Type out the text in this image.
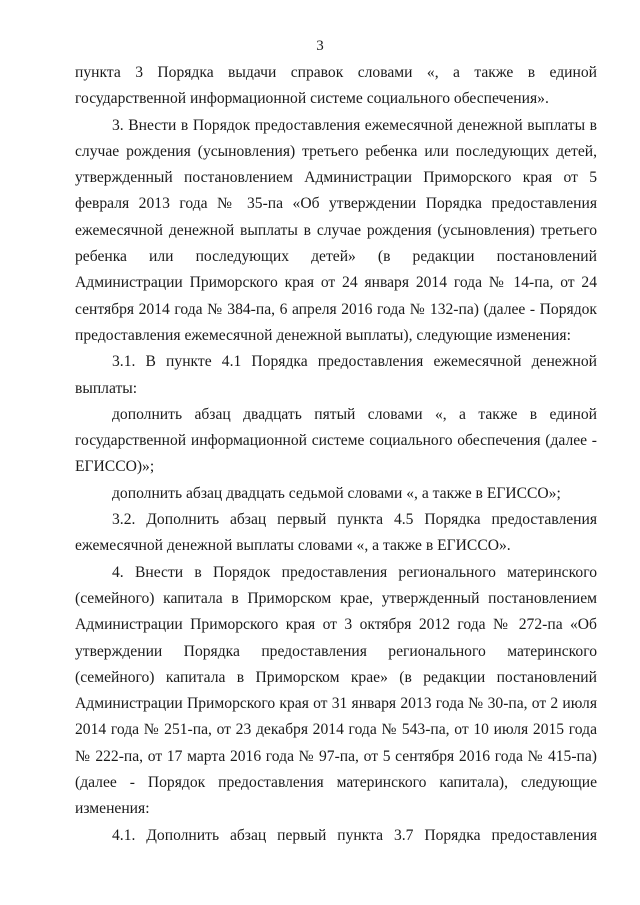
3

пункта 3 Порядка выдачи справок словами «, а также в единой государственной информационной системе социального обеспечения».

3. Внести в Порядок предоставления ежемесячной денежной выплаты в случае рождения (усыновления) третьего ребенка или последующих детей, утвержденный постановлением Администрации Приморского края от 5 февраля 2013 года № 35-па «Об утверждении Порядка предоставления ежемесячной денежной выплаты в случае рождения (усыновления) третьего ребенка или последующих детей» (в редакции постановлений Администрации Приморского края от 24 января 2014 года № 14-па, от 24 сентября 2014 года № 384-па, 6 апреля 2016 года № 132-па) (далее - Порядок предоставления ежемесячной денежной выплаты), следующие изменения:

3.1. В пункте 4.1 Порядка предоставления ежемесячной денежной выплаты:

дополнить абзац двадцать пятый словами «, а также в единой государственной информационной системе социального обеспечения (далее - ЕГИССО)»;

дополнить абзац двадцать седьмой словами «, а также в ЕГИССО»;

3.2. Дополнить абзац первый пункта 4.5 Порядка предоставления ежемесячной денежной выплаты словами «, а также в ЕГИССО».

4. Внести в Порядок предоставления регионального материнского (семейного) капитала в Приморском крае, утвержденный постановлением Администрации Приморского края от 3 октября 2012 года № 272-па «Об утверждении Порядка предоставления регионального материнского (семейного) капитала в Приморском крае» (в редакции постановлений Администрации Приморского края от 31 января 2013 года № 30-па, от 2 июля 2014 года № 251-па, от 23 декабря 2014 года № 543-па, от 10 июля 2015 года № 222-па, от 17 марта 2016 года № 97-па, от 5 сентября 2016 года № 415-па) (далее - Порядок предоставления материнского капитала), следующие изменения:

4.1. Дополнить абзац первый пункта 3.7 Порядка предоставления
